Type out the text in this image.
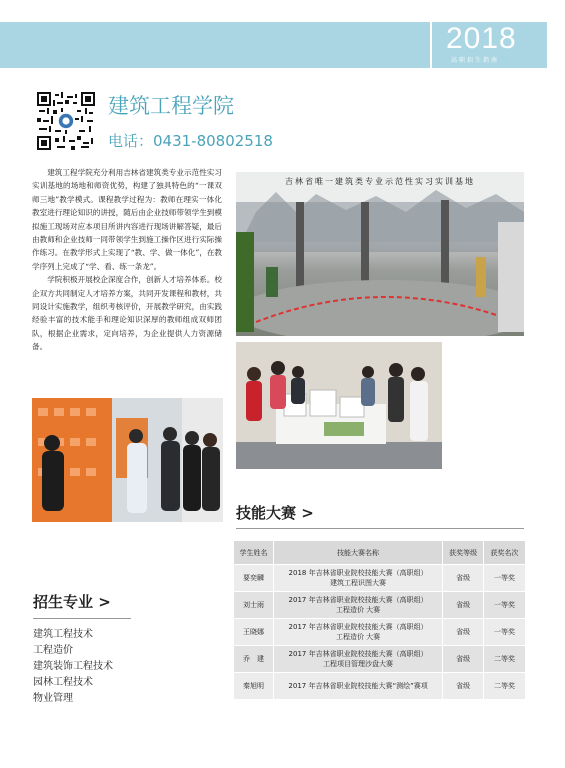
2018
高职招生指南
建筑工程学院
电话：0431-80802518

建筑工程学院充分利用吉林省建筑类专业示范性实习实训基地的场地和师资优势，构建了独具特色的“一课双师三地”教学模式。课程教学过程为：教师在理实一体化教室进行理论知识的讲授，随后由企业技师带领学生到模拟施工现场对应本项目所讲内容进行现场讲解答疑，最后由教师和企业技师一同带领学生到施工操作区进行实际操作练习。在教学形式上实现了“教、学、做一体化”，在教学序列上完成了“学、看、练一条龙”。

学院积极开展校企深度合作，创新人才培养体系。校企双方共同制定人才培养方案，共同开发课程和教材，共同设计实施教学，组织考核评价，开展教学研究，由实践经验丰富的技术能手和理论知识深厚的教师组成双师团队，根据企业需求，定向培养，为企业提供人力资源储备。

吉林省唯一建筑类专业示范性实习实训基地
技能大赛 >
学生姓名	技能大赛名称	获奖等级	获奖名次
要奕麟	2018 年吉林省职业院校技能大赛（高职组）
建筑工程识图大赛	省级	一等奖
刘士雨	2017 年吉林省职业院校技能大赛（高职组）
工程造价 大赛	省级	一等奖
王晓娜	2017 年吉林省职业院校技能大赛（高职组）
工程造价 大赛	省级	一等奖
乔　建	2017 年吉林省职业院校技能大赛（高职组）
工程项目管理沙盘大赛	省级	二等奖
秦旭明	2017 年吉林省职业院校技能大赛“测绘”赛项	省级	二等奖
招生专业 >
建筑工程技术
工程造价
建筑装饰工程技术
园林工程技术
物业管理
